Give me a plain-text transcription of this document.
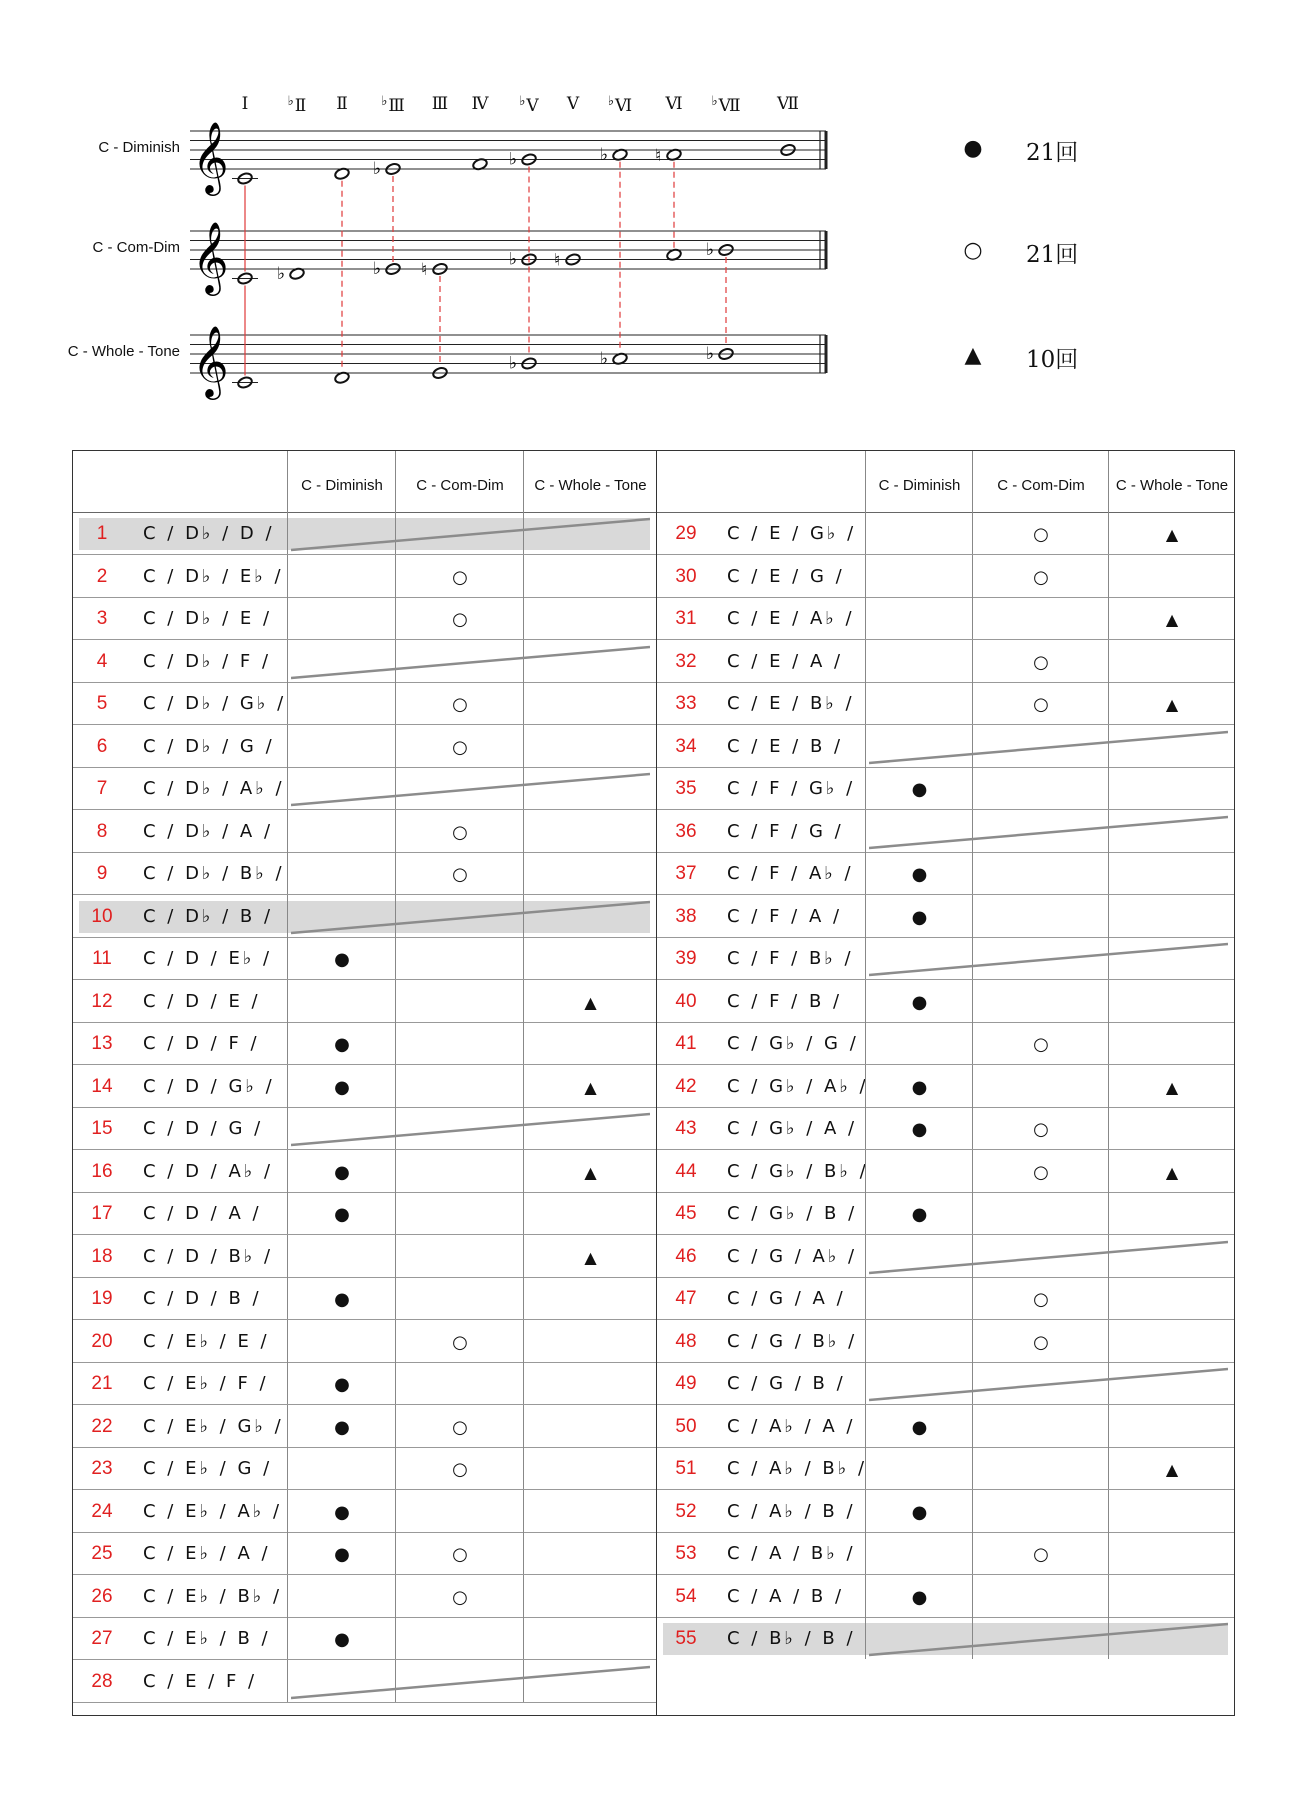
𝄞	♭	♭	♭	♮
𝄞	♭	♭ ♮
♭ ♮
♭
𝄞	♭	♭	♭
Ⅰ	♭Ⅱ Ⅱ	♭Ⅲ Ⅲ Ⅳ ♭Ⅴ Ⅴ ♭Ⅵ Ⅵ ♭Ⅶ Ⅶ
C - Diminish
C - Com-Dim
C - Whole - Tone
● 21回
○ 21回
▲ 10回
C - Diminish	C - Com-Dim	C - Whole - Tone
1	C / D♭ / D /
2	C / D♭ / E♭ /	○
3	C / D♭ / E /	○
4	C / D♭ / F /
5	C / D♭ / G♭ /	○
6	C / D♭ / G /	○
7	C / D♭ / A♭ /
8	C / D♭ / A /	○
9	C / D♭ / B♭ /	○
10	C / D♭ / B /
11	C / D / E♭ /	●
12	C / D / E /	▲
13	C / D / F /	●
14	C / D / G♭ /	●	▲
15	C / D / G /
16	C / D / A♭ /	●	▲
17	C / D / A /	●
18	C / D / B♭ /	▲
19	C / D / B /	●
20	C / E♭ / E /	○
21	C / E♭ / F /	●
22	C / E♭ / G♭ /	●	○
23	C / E♭ / G /	○
24	C / E♭ / A♭ /	●
25	C / E♭ / A /	●	○
26	C / E♭ / B♭ /	○
27	C / E♭ / B /	●
28	C / E / F /
C - Diminish	C - Com-Dim	C - Whole - Tone
29	C / E / G♭ /	○	▲
30	C / E / G /	○
31	C / E / A♭ /	▲
32	C / E / A /	○
33	C / E / B♭ /	○	▲
34	C / E / B /
35	C / F / G♭ /	●
36	C / F / G /
37	C / F / A♭ /	●
38	C / F / A /	●
39	C / F / B♭ /
40	C / F / B /	●
41	C / G♭ / G /	○
42	C / G♭ / A♭ /	●	▲
43	C / G♭ / A /	●	○
44	C / G♭ / B♭ /	○	▲
45	C / G♭ / B /	●
46	C / G / A♭ /
47	C / G / A /	○
48	C / G / B♭ /	○
49	C / G / B /
50	C / A♭ / A /	●
51	C / A♭ / B♭ /	▲
52	C / A♭ / B /	●
53	C / A / B♭ /	○
54	C / A / B /	●
55	C / B♭ / B /
